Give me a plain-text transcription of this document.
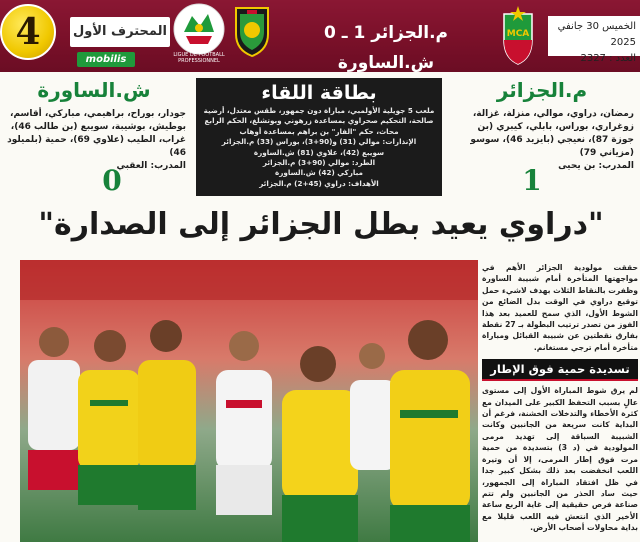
4 المحترف الأول
mobilis	LIGUE DE FOOTBALL PROFESSIONNEL
م.الجزائر 1 ـ 0 ش.الساورة
MCA
الخميس 30 جانفي 2025
العدد : 2327
م.الجزائر
رمضان، دراوي، موالي، منزلة، غزالة، زوغراري، بوراس، بابلي، كيبري (بن جوزة 87)، نعيجي (بايزيد 46)، سوسو (مزياني 79)
المدرب: بن يحيى
1
ش.الساورة
جودار، بوراح، براهيمي، مباركي، أقاسم، بوطيش، بوشيبة، سويبع (بن طالب 46)، غراب، الطيب (علاوي 69)، حمية (بلميلود 46)
المدرب: العقبي
0
بطاقة اللقاء
ملعب 5 جويلية الأولمبي، مباراة دون جمهور، طقس معتدل، أرضية صالحة، التحكيم صحراوي بمساعدة زرهوني وبوتشلغ، الحكم الرابع محاث، حكم "الفار" بن براهم بمساعدة أوهاب
الإنذارات: موالي (31) و(90+3)، بوراس (33) م.الجزائر
سويبع (42)، علاوي (81) ش.الساورة
الطرد: موالي (90+3) م.الجزائر
مباركي (42) ش.الساورة
الأهداف: دراوي (45+2) م.الجزائر
"دراوي يعيد بطل الجزائر إلى الصدارة"

حققت مولودية الجزائر الأهم في مواجهتها المتأخرة أمام شبيبة الساورة وظفرت بالنقاط الثلاث بهدف لاشيء حمل توقيع دراوي في الوقت بدل الضائع من الشوط الأول، الذي سمح للعميد بعد هذا الفوز من تصدر ترتيب البطولة بـ 27 نقطة بفارق نقطتين عن شبيبة القبائل ومباراة متأخرة أمام ترجي مستغانم.

تسديدة حمية فوق الإطار

لم يرق شوط المباراة الأول إلى مستوى عالٍ بسبب التحفظ الكبير على الميدان مع كثرة الأخطاء والتدخلات الخشنة، فرغم أن البداية كانت سريعة من الجانبين وكانت الشبيبة السباقة إلى تهديد مرمى المولودية في (د 3) بتسديدة من حمية مرت فوق إطار المرمى، إلا أن وتيرة اللعب انخفضت بعد ذلك بشكل كبير جدا في ظل افتقاد المباراة إلى الجمهور، حيث ساد الحذر من الجانبين ولم تتم صناعة فرص حقيقية إلى غاية الربع ساعة الأخير الذي انتعش فيه اللعب قليلا مع بداية محاولات أصحاب الأرض.
